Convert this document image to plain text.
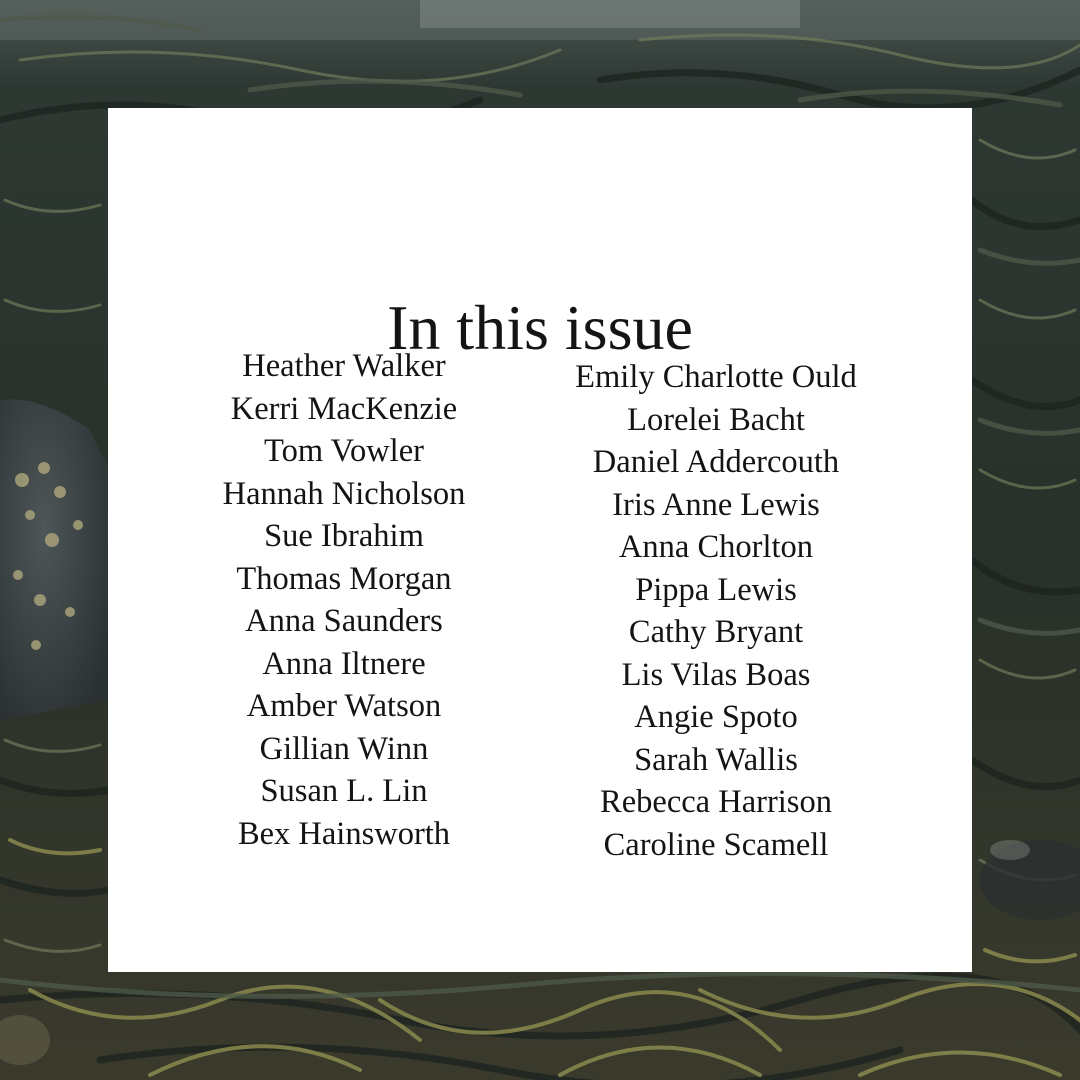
In this issue
Heather Walker
Kerri MacKenzie
Tom Vowler
Hannah Nicholson
Sue Ibrahim
Thomas Morgan
Anna Saunders
Anna Iltnere
Amber Watson
Gillian Winn
Susan L. Lin
Bex Hainsworth
Emily Charlotte Ould
Lorelei Bacht
Daniel Addercouth
Iris Anne Lewis
Anna Chorlton
Pippa Lewis
Cathy Bryant
Lis Vilas Boas
Angie Spoto
Sarah Wallis
Rebecca Harrison
Caroline Scamell
